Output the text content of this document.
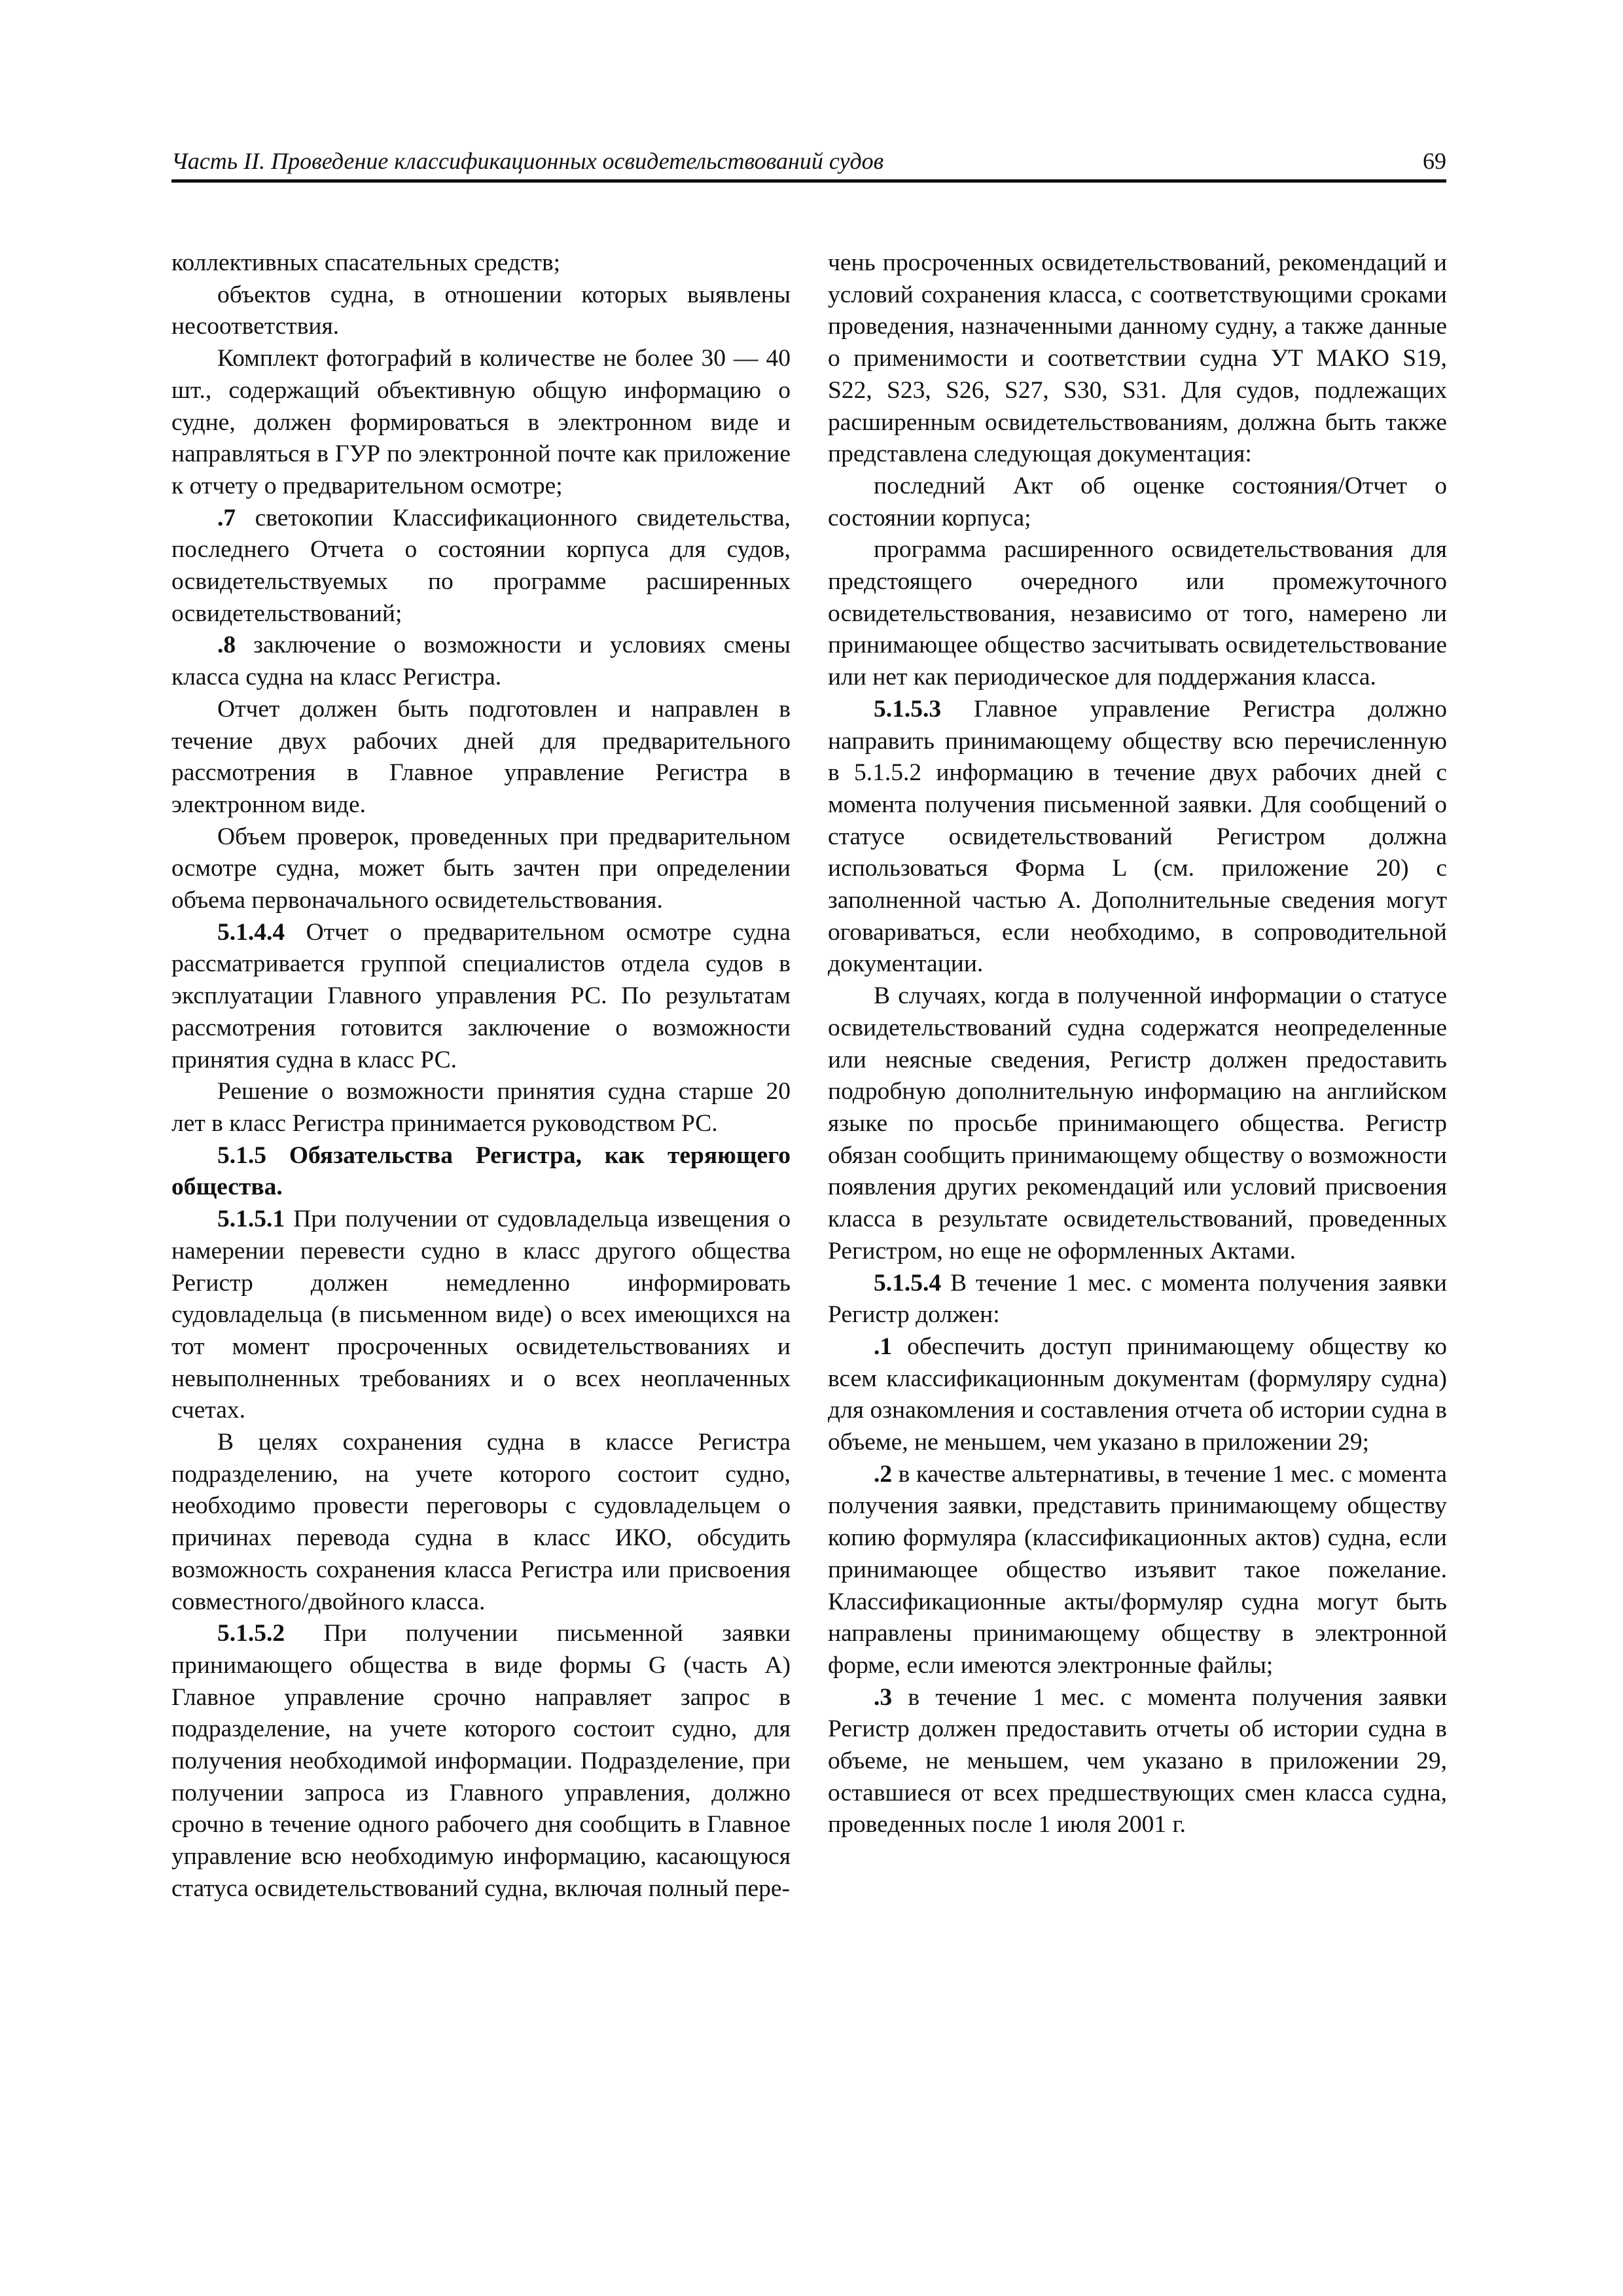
Часть II. Проведение классификационных освидетельствований судов	69

коллективных спасательных средств;

объектов судна, в отношении которых выявлены несоответствия.

Комплект фотографий в количестве не более 30 — 40 шт., содержащий объективную общую информацию о судне, должен формироваться в электронном виде и направляться в ГУР по электронной почте как приложение к отчету о предварительном осмотре;

.7 светокопии Классификационного свидетельства, последнего Отчета о состоянии корпуса для судов, освидетельствуемых по программе расширенных освидетельствований;

.8 заключение о возможности и условиях смены класса судна на класс Регистра.

Отчет должен быть подготовлен и направлен в течение двух рабочих дней для предварительного рассмотрения в Главное управление Регистра в электронном виде.

Объем проверок, проведенных при предварительном осмотре судна, может быть зачтен при определении объема первоначального освидетельствования.

5.1.4.4 Отчет о предварительном осмотре судна рассматривается группой специалистов отдела судов в эксплуатации Главного управления РС. По результатам рассмотрения готовится заключение о возможности принятия судна в класс РС.

Решение о возможности принятия судна старше 20 лет в класс Регистра принимается руководством РС.

5.1.5 Обязательства Регистра, как теряющего общества.

5.1.5.1 При получении от судовладельца извещения о намерении перевести судно в класс другого общества Регистр должен немедленно информировать судовладельца (в письменном виде) о всех имеющихся на тот момент просроченных освидетельствованиях и невыполненных требованиях и о всех неоплаченных счетах.

В целях сохранения судна в классе Регистра подразделению, на учете которого состоит судно, необходимо провести переговоры с судовладельцем о причинах перевода судна в класс ИКО, обсудить возможность сохранения класса Регистра или присвоения совместного/двойного класса.

5.1.5.2 При получении письменной заявки принимающего общества в виде формы G (часть A) Главное управление срочно направляет запрос в подразделение, на учете которого состоит судно, для получения необходимой информации. Подразделение, при получении запроса из Главного управления, должно срочно в течение одного рабочего дня сообщить в Главное управление всю необходимую информацию, касающуюся статуса освидетельствований судна, включая полный пере-

чень просроченных освидетельствований, рекомендаций и условий сохранения класса, с соответствующими сроками проведения, назначенными данному судну, а также данные о применимости и соответствии судна УТ МАКО S19, S22, S23, S26, S27, S30, S31. Для судов, подлежащих расширенным освидетельствованиям, должна быть также представлена следующая документация:

последний Акт об оценке состояния/Отчет о состоянии корпуса;

программа расширенного освидетельствования для предстоящего очередного или промежуточного освидетельствования, независимо от того, намерено ли принимающее общество засчитывать освидетельствование или нет как периодическое для поддержания класса.

5.1.5.3 Главное управление Регистра должно направить принимающему обществу всю перечисленную в 5.1.5.2 информацию в течение двух рабочих дней с момента получения письменной заявки. Для сообщений о статусе освидетельствований Регистром должна использоваться Форма L (см. приложение 20) с заполненной частью A. Дополнительные сведения могут оговариваться, если необходимо, в сопроводительной документации.

В случаях, когда в полученной информации о статусе освидетельствований судна содержатся неопределенные или неясные сведения, Регистр должен предоставить подробную дополнительную информацию на английском языке по просьбе принимающего общества. Регистр обязан сообщить принимающему обществу о возможности появления других рекомендаций или условий присвоения класса в результате освидетельствований, проведенных Регистром, но еще не оформленных Актами.

5.1.5.4 В течение 1 мес. с момента получения заявки Регистр должен:

.1 обеспечить доступ принимающему обществу ко всем классификационным документам (формуляру судна) для ознакомления и составления отчета об истории судна в объеме, не меньшем, чем указано в приложении 29;

.2 в качестве альтернативы, в течение 1 мес. с момента получения заявки, представить принимающему обществу копию формуляра (классификационных актов) судна, если принимающее общество изъявит такое пожелание. Классификационные акты/формуляр судна могут быть направлены принимающему обществу в электронной форме, если имеются электронные файлы;

.3 в течение 1 мес. с момента получения заявки Регистр должен предоставить отчеты об истории судна в объеме, не меньшем, чем указано в приложении 29, оставшиеся от всех предшествующих смен класса судна, проведенных после 1 июля 2001 г.
